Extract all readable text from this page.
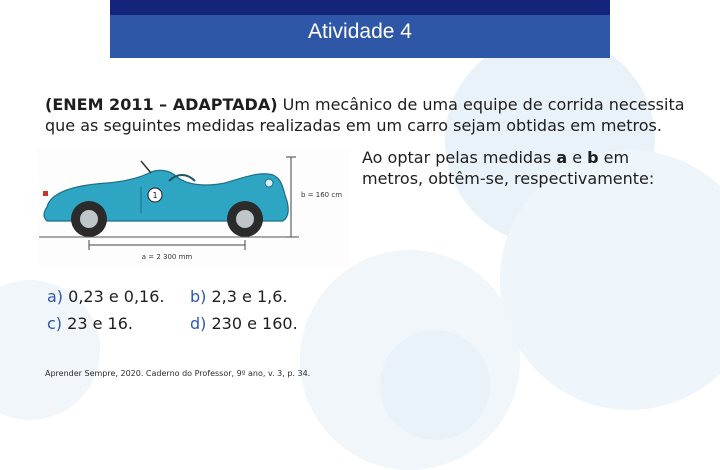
Atividade 4
(ENEM 2011 – ADAPTADA) Um mecânico de uma equipe de corrida necessita que as seguintes medidas realizadas em um carro sejam obtidas em metros.
1
a = 2 300 mm
b = 160 cm
Ao optar pelas medidas a e b em metros, obtêm-se, respectivamente:
a) 0,23 e 0,16. b) 2,3 e 1,6.
c) 23 e 16.	d) 230 e 160.
Aprender Sempre, 2020. Caderno do Professor, 9º ano, v. 3, p. 34.
